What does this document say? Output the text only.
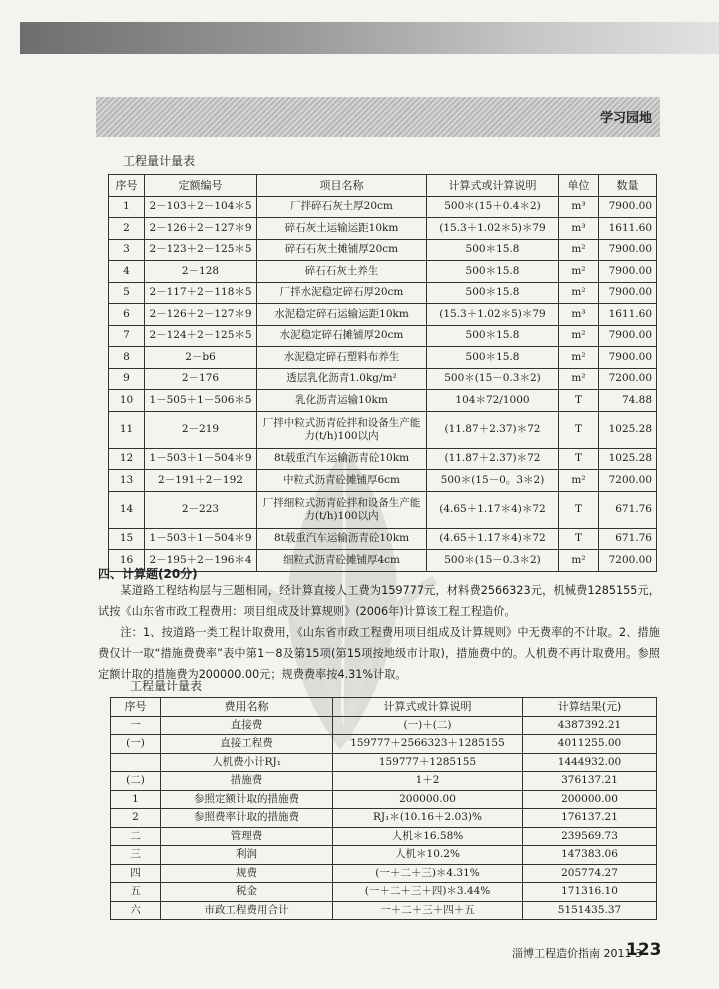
学习园地
工程量计量表
序号	定额编号	项目名称	计算式或计算说明	单位	数量
1	2－103＋2－104＊5	厂拌碎石灰土厚20cm	500＊(15＋0.4＊2)	m³	7900.00
2	2－126＋2－127＊9	碎石灰土运输运距10km	(15.3＋1.02＊5)＊79	m³	1611.60
3	2－123＋2－125＊5	碎石石灰土摊铺厚20cm	500＊15.8	m²	7900.00
4	2－128	碎石石灰土养生	500＊15.8	m²	7900.00
5	2－117＋2－118＊5	厂拌水泥稳定碎石厚20cm	500＊15.8	m²	7900.00
6	2－126＋2－127＊9	水泥稳定碎石运输运距10km	(15.3＋1.02＊5)＊79	m³	1611.60
7	2－124＋2－125＊5	水泥稳定碎石摊铺厚20cm	500＊15.8	m²	7900.00
8	2－b6	水泥稳定碎石塑料布养生	500＊15.8	m²	7900.00
9	2－176	透层乳化沥青1.0kg/m²	500＊(15－0.3＊2)	m²	7200.00
10	1－505＋1－506＊5	乳化沥青运输10km	104＊72/1000	T	74.88
11	2－219	厂拌中粒式沥青砼拌和设备生产能力(t/h)100以内	(11.87＋2.37)＊72	T	1025.28
12	1－503＋1－504＊9	8t载重汽车运输沥青砼10km	(11.87＋2.37)＊72	T	1025.28
13	2－191＋2－192	中粒式沥青砼摊铺厚6cm	500＊(15－0。3＊2)	m²	7200.00
14	2－223	厂拌细粒式沥青砼拌和设备生产能力(t/h)100以内	(4.65＋1.17＊4)＊72	T	671.76
15	1－503＋1－504＊9	8t载重汽车运输沥青砼10km	(4.65＋1.17＊4)＊72	T	671.76
16	2－195＋2－196＊4	细粒式沥青砼摊铺厚4cm	500＊(15－0.3＊2)	m²	7200.00
四、计算题(20分)
某道路工程结构层与三题相同，经计算直接人工费为159777元，材料费2566323元，机械费1285155元，试按《山东省市政工程费用：项目组成及计算规则》(2006年)计算该工程工程造价。
注：1、按道路一类工程计取费用，《山东省市政工程费用项目组成及计算规则》中无费率的不计取。2、措施费仅计一取“措施费费率”表中第1－8及第15项(第15项按地级市计取)，措施费中的。人机费不再计取费用。参照定额计取的措施费为200000.00元；规费费率按4.31%计取。
工程量计量表
序号	费用名称	计算式或计算说明	计算结果(元)
一	直接费	(一)＋(二)	4387392.21
(一)	直接工程费	159777＋2566323＋1285155	4011255.00
	人机费小计RJ₁	159777＋1285155	1444932.00
(二)	措施费	1＋2	376137.21
1	参照定额计取的措施费	200000.00	200000.00
2	参照费率计取的措施费	RJ₁＊(10.16＋2.03)%	176137.21
二	管理费	人机＊16.58%	239569.73
三	利润	人机＊10.2%	147383.06
四	规费	(一＋二＋三)＊4.31%	205774.27
五	税金	(一＋二＋三＋四)＊3.44%	171316.10
六	市政工程费用合计	一＋二＋三＋四＋五	5151435.37
淄博工程造价指南 2011·3
123
